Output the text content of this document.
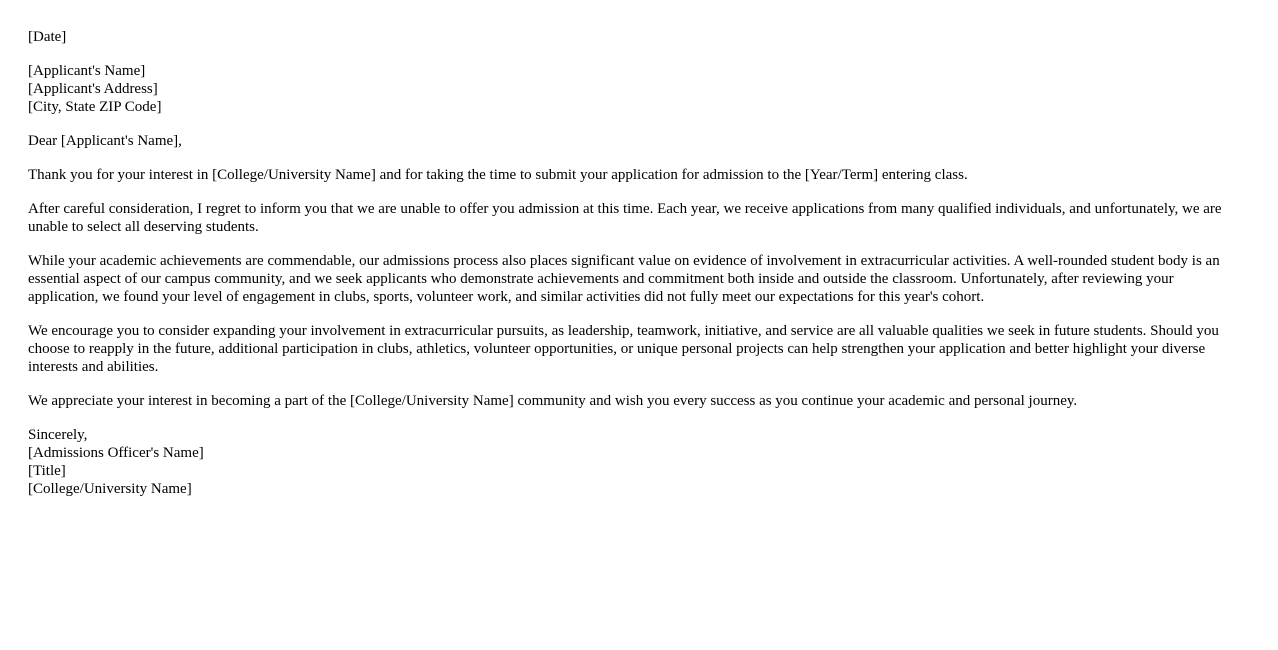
[Date]

[Applicant's Name]
[Applicant's Address]
[City, State ZIP Code]

Dear [Applicant's Name],

Thank you for your interest in [College/University Name] and for taking the time to submit your application for admission to the [Year/Term] entering class.

After careful consideration, I regret to inform you that we are unable to offer you admission at this time. Each year, we receive applications from many qualified individuals, and unfortunately, we are unable to select all deserving students.

While your academic achievements are commendable, our admissions process also places significant value on evidence of involvement in extracurricular activities. A well-rounded student body is an essential aspect of our campus community, and we seek applicants who demonstrate achievements and commitment both inside and outside the classroom. Unfortunately, after reviewing your application, we found your level of engagement in clubs, sports, volunteer work, and similar activities did not fully meet our expectations for this year's cohort.

We encourage you to consider expanding your involvement in extracurricular pursuits, as leadership, teamwork, initiative, and service are all valuable qualities we seek in future students. Should you choose to reapply in the future, additional participation in clubs, athletics, volunteer opportunities, or unique personal projects can help strengthen your application and better highlight your diverse interests and abilities.

We appreciate your interest in becoming a part of the [College/University Name] community and wish you every success as you continue your academic and personal journey.

Sincerely,
[Admissions Officer's Name]
[Title]
[College/University Name]
